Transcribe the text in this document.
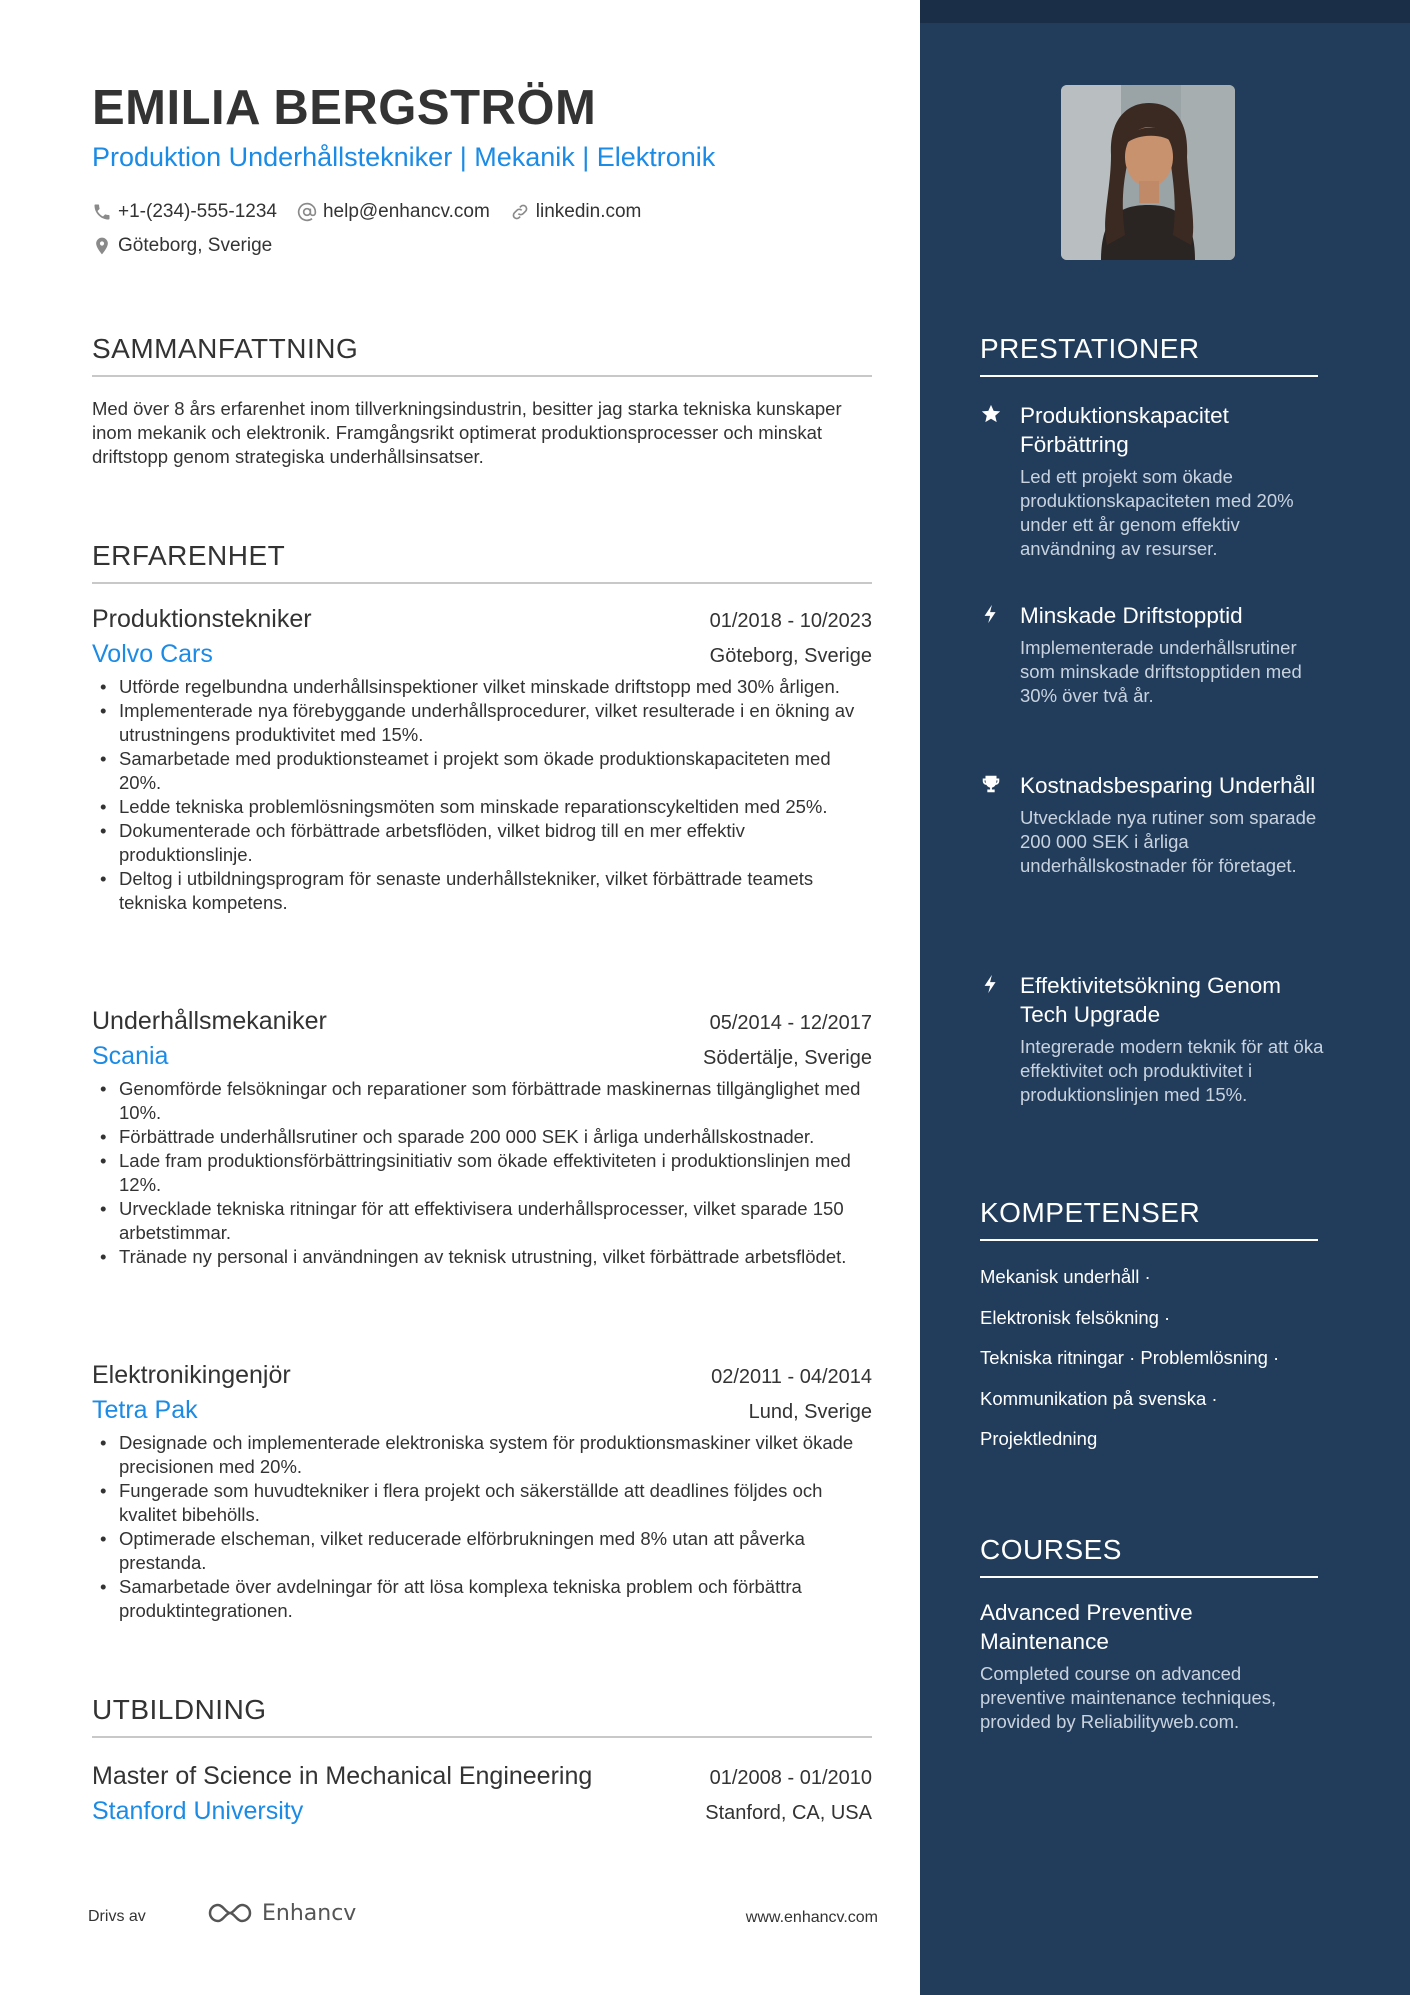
EMILIA BERGSTRÖM
Produktion Underhållstekniker | Mekanik | Elektronik
+1-(234)-555-1234 help@enhancv.com linkedin.com
Göteborg, Sverige
SAMMANFATTNING
Med över 8 års erfarenhet inom tillverkningsindustrin, besitter jag starka tekniska kunskaper inom mekanik och elektronik. Framgångsrikt optimerat produktionsprocesser och minskat driftstopp genom strategiska underhållsinsatser.
ERFARENHET
Produktionstekniker	01/2018 - 10/2023
Volvo Cars	Göteborg, Sverige
• Utförde regelbundna underhållsinspektioner vilket minskade driftstopp med 30% årligen.
• Implementerade nya förebyggande underhållsprocedurer, vilket resulterade i en ökning av utrustningens produktivitet med 15%.
• Samarbetade med produktionsteamet i projekt som ökade produktionskapaciteten med 20%.
• Ledde tekniska problemlösningsmöten som minskade reparationscykeltiden med 25%.
• Dokumenterade och förbättrade arbetsflöden, vilket bidrog till en mer effektiv produktionslinje.
• Deltog i utbildningsprogram för senaste underhållstekniker, vilket förbättrade teamets tekniska kompetens.
Underhållsmekaniker	05/2014 - 12/2017
Scania	Södertälje, Sverige
• Genomförde felsökningar och reparationer som förbättrade maskinernas tillgänglighet med 10%.
• Förbättrade underhållsrutiner och sparade 200 000 SEK i årliga underhållskostnader.
• Lade fram produktionsförbättringsinitiativ som ökade effektiviteten i produktionslinjen med 12%.
• Urvecklade tekniska ritningar för att effektivisera underhållsprocesser, vilket sparade 150 arbetstimmar.
• Tränade ny personal i användningen av teknisk utrustning, vilket förbättrade arbetsflödet.
Elektronikingenjör	02/2011 - 04/2014
Tetra Pak	Lund, Sverige
• Designade och implementerade elektroniska system för produktionsmaskiner vilket ökade precisionen med 20%.
• Fungerade som huvudtekniker i flera projekt och säkerställde att deadlines följdes och kvalitet bibehölls.
• Optimerade elscheman, vilket reducerade elförbrukningen med 8% utan att påverka prestanda.
• Samarbetade över avdelningar för att lösa komplexa tekniska problem och förbättra produktintegrationen.
UTBILDNING
Master of Science in Mechanical Engineering	01/2008 - 01/2010
Stanford University	Stanford, CA, USA
Drivs av	Enhancv	www.enhancv.com
PRESTATIONER
Produktionskapacitet Förbättring
Led ett projekt som ökade produktionskapaciteten med 20% under ett år genom effektiv användning av resurser.
Minskade Driftstopptid
Implementerade underhållsrutiner som minskade driftstopptiden med 30% över två år.
Kostnadsbesparing Underhåll
Utvecklade nya rutiner som sparade 200 000 SEK i årliga underhållskostnader för företaget.
Effektivitetsökning Genom Tech Upgrade
Integrerade modern teknik för att öka effektivitet och produktivitet i produktionslinjen med 15%.
KOMPETENSER
Mekanisk underhåll ·
Elektronisk felsökning ·
Tekniska ritningar · Problemlösning ·
Kommunikation på svenska ·
Projektledning
COURSES
Advanced Preventive Maintenance
Completed course on advanced preventive maintenance techniques, provided by Reliabilityweb.com.
